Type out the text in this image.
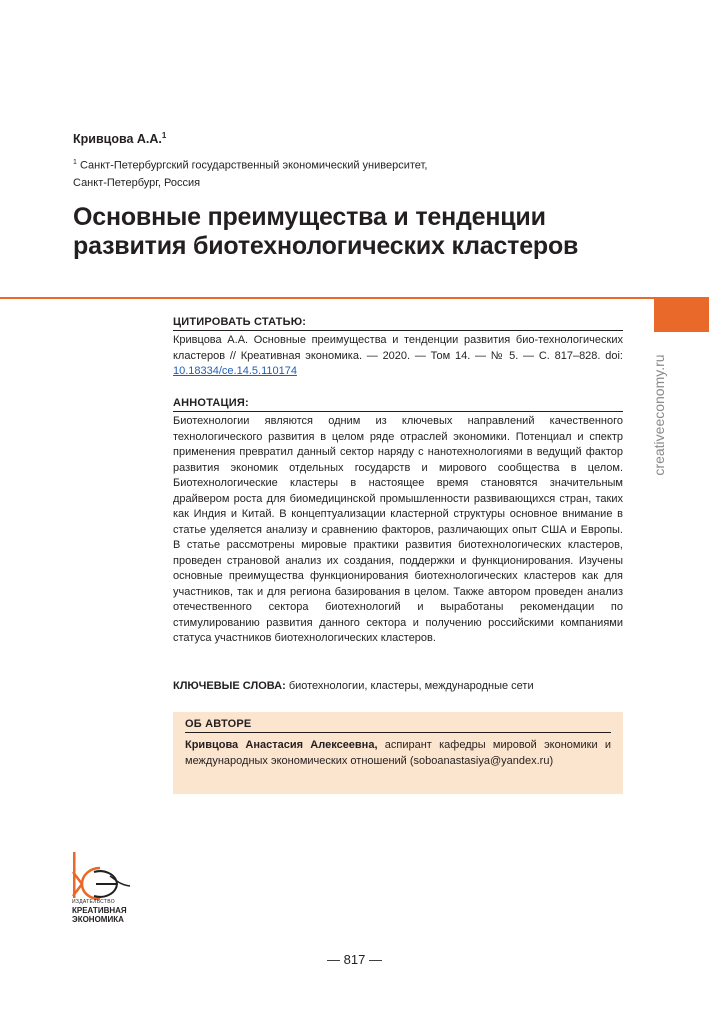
Кривцова А.А.$^1$
$^1$ Санкт-Петербургский государственный экономический университет,
Санкт-Петербург, Россия
Основные преимущества и тенденции развития биотехнологических кластеров
creativeeconomy.ru
ЦИТИРОВАТЬ СТАТЬЮ:
Кривцова А.А. Основные преимущества и тенденции развития био-технологических кластеров // Креативная экономика. — 2020. — Том 14. — № 5. — С. 817–828. doi: 10.18334/ce.14.5.110174
АННОТАЦИЯ:
Биотехнологии являются одним из ключевых направлений качественного технологического развития в целом ряде отраслей экономики. Потенциал и спектр применения превратил данный сектор наряду с нанотехнологиями в ведущий фактор развития экономик отдельных государств и мирового сообщества в целом. Биотехнологические кластеры в настоящее время становятся значительным драйвером роста для биомедицинской промышленности развивающихся стран, таких как Индия и Китай. В концептуализации кластерной структуры основное внимание в статье уделяется анализу и сравнению факторов, различающих опыт США и Европы. В статье рассмотрены мировые практики развития биотехнологических кластеров, проведен страновой анализ их создания, поддержки и функционирования. Изучены основные преимущества функционирования биотехнологических кластеров как для участников, так и для региона базирования в целом. Также автором проведен анализ отечественного сектора биотехнологий и выработаны рекомендации по стимулированию развития данного сектора и получению российскими компаниями статуса участников биотехнологических кластеров.
КЛЮЧЕВЫЕ СЛОВА: биотехнологии, кластеры, международные сети
ОБ АВТОРЕ
Кривцова Анастасия Алексеевна, аспирант кафедры мировой экономики и международных экономических отношений (soboanastasiya@yandex.ru)
ИЗДАТЕЛЬСТВО
КРЕАТИВНАЯ
ЭКОНОМИКА
— 817 —
